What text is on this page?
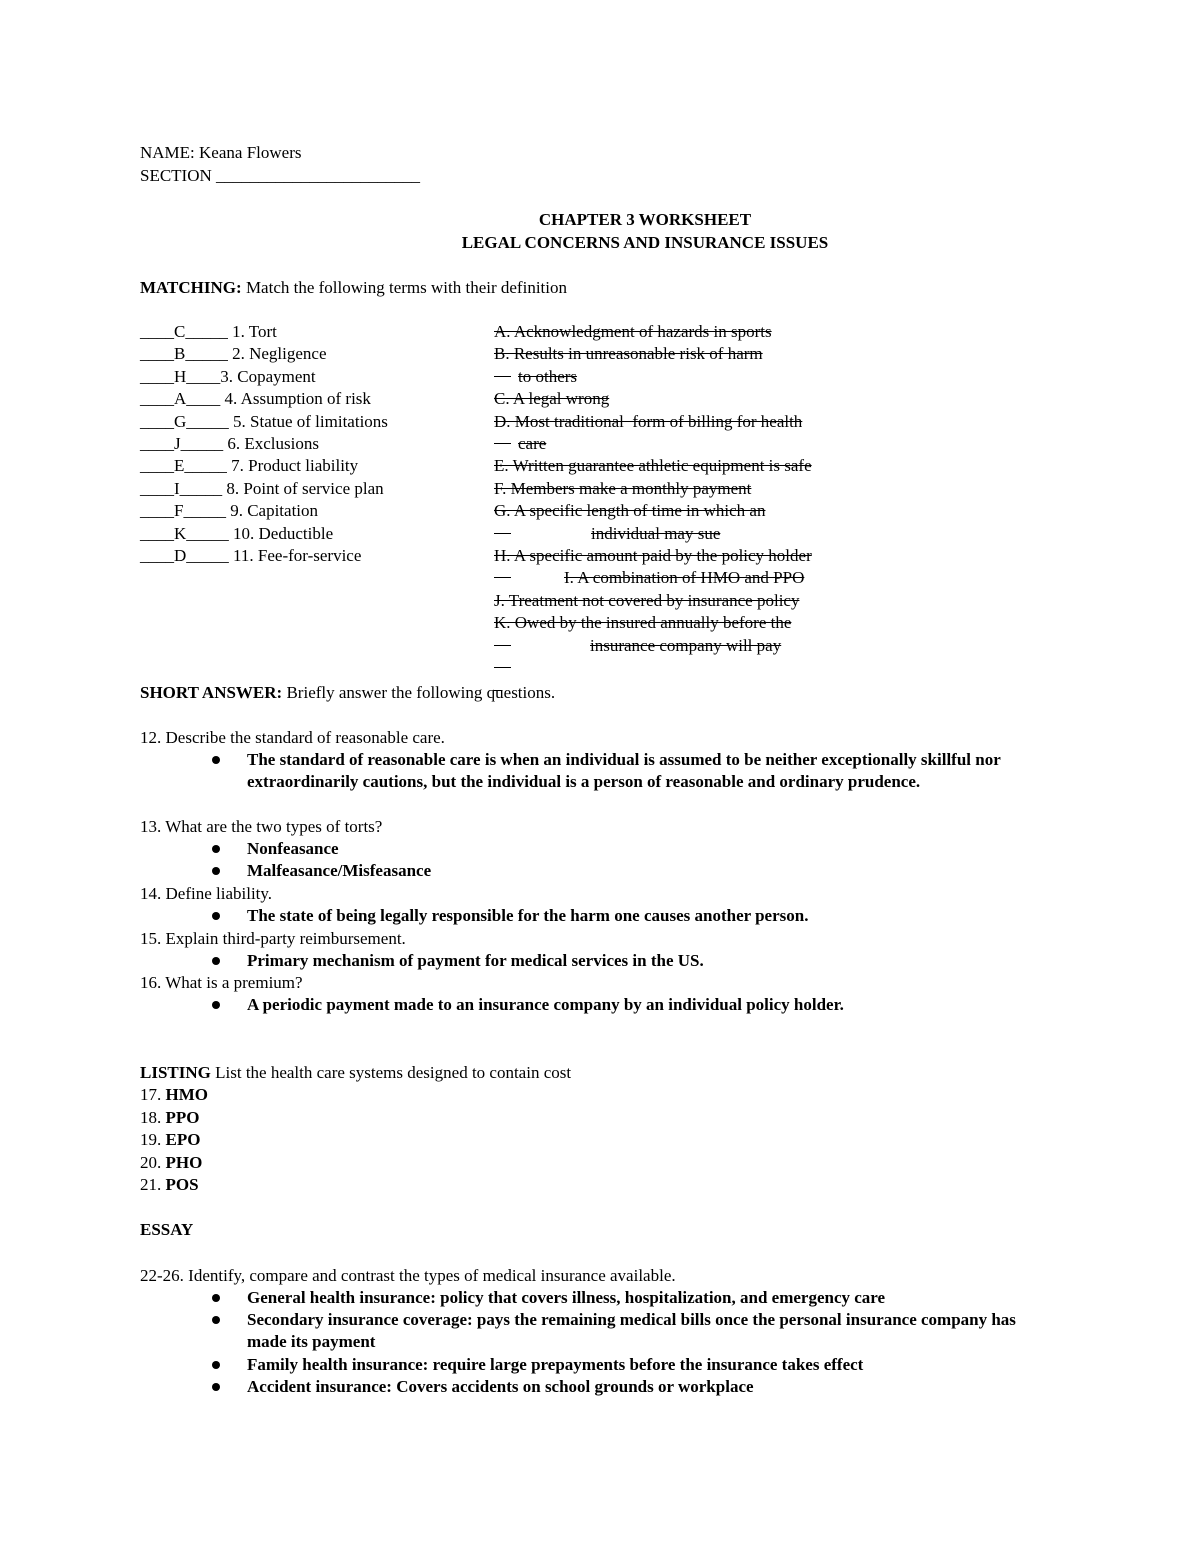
NAME: Keana Flowers
SECTION ________________________
CHAPTER 3 WORKSHEET
LEGAL CONCERNS AND INSURANCE ISSUES
MATCHING: Match the following terms with their definition

____C_____ 1. Tort

____B_____ 2. Negligence

____H____3. Copayment

____A____ 4. Assumption of risk

____G_____ 5. Statue of limitations

____J_____ 6. Exclusions

____E_____ 7. Product liability

____I_____ 8. Point of service plan

____F_____ 9. Capitation

____K_____ 10. Deductible

____D_____ 11. Fee-for-service

A. Acknowledgment of hazards in sports

B. Results in unreasonable risk of harm

to others

C. A legal wrong

D. Most traditional  form of billing for health

care

E. Written guarantee athletic equipment is safe

F. Members make a monthly payment

G. A specific length of time in which an

individual may sue

H. A specific amount paid by the policy holder

I. A combination of HMO and PPO

J. Treatment not covered by insurance policy

K. Owed by the insured annually before the

insurance company will pay

SHORT ANSWER: Briefly answer the following questions.
12. Describe the standard of reasonable care.
The standard of reasonable care is when an individual is assumed to be neither exceptionally skillful nor extraordinarily cautions, but the individual is a person of reasonable and ordinary prudence.
13. What are the two types of torts?
Nonfeasance
Malfeasance/Misfeasance
14. Define liability.
The state of being legally responsible for the harm one causes another person.
15. Explain third-party reimbursement.
Primary mechanism of payment for medical services in the US.
16. What is a premium?
A periodic payment made to an insurance company by an individual policy holder.
LISTING List the health care systems designed to contain cost
17. HMO
18. PPO
19. EPO
20. PHO
21. POS
ESSAY
22-26. Identify, compare and contrast the types of medical insurance available.
General health insurance: policy that covers illness, hospitalization, and emergency care
Secondary insurance coverage: pays the remaining medical bills once the personal insurance company has made its payment
Family health insurance: require large prepayments before the insurance takes effect
Accident insurance: Covers accidents on school grounds or workplace
